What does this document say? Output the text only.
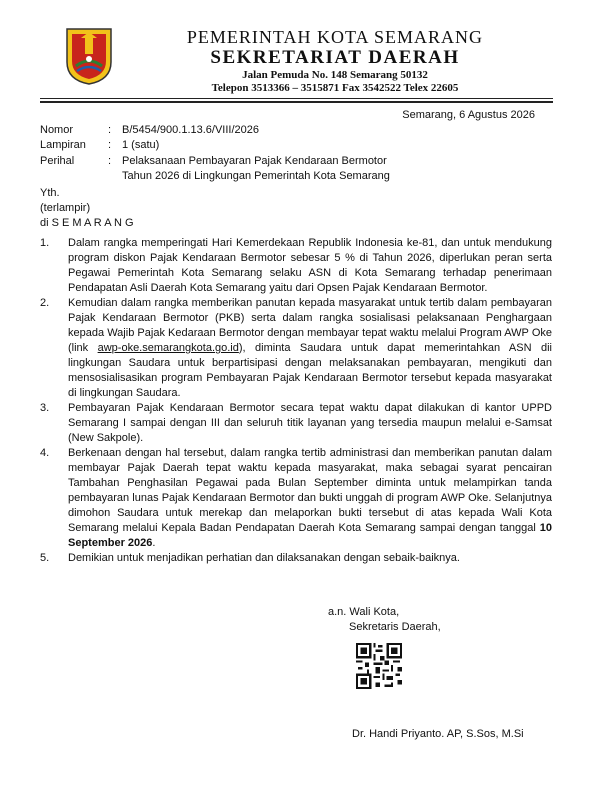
PEMERINTAH KOTA SEMARANG
SEKRETARIAT DAERAH
Jalan Pemuda No. 148 Semarang 50132
Telepon 3513366 – 3515871 Fax 3542522 Telex 22605
Semarang, 6 Agustus 2026
Nomor	: B/5454/900.1.13.6/VIII/2026
Lampiran : 1 (satu)
Perihal	: Pelaksanaan Pembayaran Pajak Kendaraan Bermotor
Tahun 2026 di Lingkungan Pemerintah Kota Semarang
Yth.
(terlampir)
di S E M A R A N G
1. Dalam rangka memperingati Hari Kemerdekaan Republik Indonesia ke-81, dan untuk mendukung program diskon Pajak Kendaraan Bermotor sebesar 5 % di Tahun 2026, diperlukan peran serta Pegawai Pemerintah Kota Semarang selaku ASN di Kota Semarang terhadap penerimaan Pendapatan Asli Daerah Kota Semarang yaitu dari Opsen Pajak Kendaraan Bermotor.
2. Kemudian dalam rangka memberikan panutan kepada masyarakat untuk tertib dalam pembayaran Pajak Kendaraan Bermotor (PKB) serta dalam rangka sosialisasi pelaksanaan Penghargaan kepada Wajib Pajak Kedaraan Bermotor dengan membayar tepat waktu melalui Program AWP Oke (link awp-oke.semarangkota.go.id), diminta Saudara untuk dapat memerintahkan ASN dii lingkungan Saudara untuk berpartisipasi dengan melaksanakan pembayaran, mengikuti dan mensosialisasikan program Pembayaran Pajak Kendaraan Bermotor tersebut kepada masyarakat di lingkungan Saudara.
3. Pembayaran Pajak Kendaraan Bermotor secara tepat waktu dapat dilakukan di kantor UPPD Semarang I sampai dengan III dan seluruh titik layanan yang tersedia maupun melalui e-Samsat (New Sakpole).
4. Berkenaan dengan hal tersebut, dalam rangka tertib administrasi dan memberikan panutan dalam membayar Pajak Daerah tepat waktu kepada masyarakat, maka sebagai syarat pencairan Tambahan Penghasilan Pegawai pada Bulan September diminta untuk melampirkan tanda pembayaran lunas Pajak Kendaraan Bermotor dan bukti unggah di program AWP Oke. Selanjutnya dimohon Saudara untuk merekap dan melaporkan bukti tersebut di atas kepada Wali Kota Semarang melalui Kepala Badan Pendapatan Daerah Kota Semarang sampai dengan tanggal 10 September 2026.
5. Demikian untuk menjadikan perhatian dan dilaksanakan dengan sebaik-baiknya.
a.n. Wali Kota,
Sekretaris Daerah,
Dr. Handi Priyanto. AP, S.Sos, M.Si
